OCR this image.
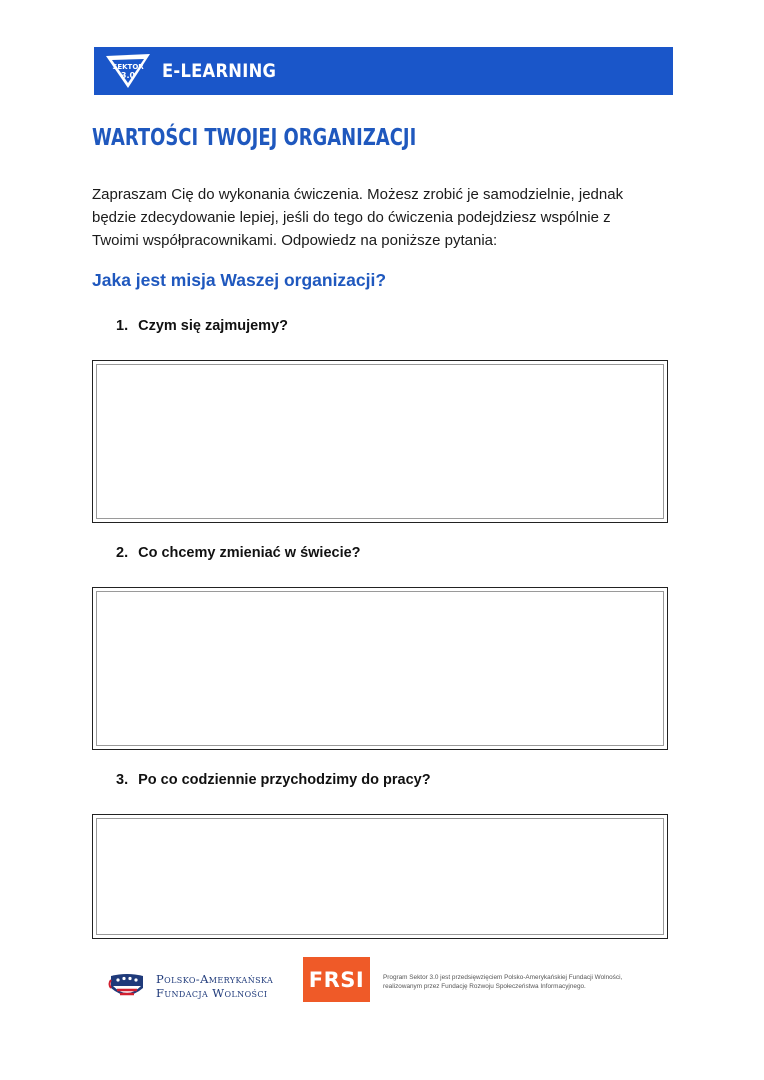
SEKTOR
3.0 E-LEARNING
WARTOŚCI TWOJEJ ORGANIZACJI

Zapraszam Cię do wykonania ćwiczenia. Możesz zrobić je samodzielnie, jednak będzie zdecydowanie lepiej, jeśli do tego do ćwiczenia podejdziesz wspólnie z Twoimi współpracownikami. Odpowiedz na poniższe pytania:

Jaka jest misja Waszej organizacji?
1. Czym się zajmujemy?
2. Co chcemy zmieniać w świecie?
3. Po co codziennie przychodzimy do pracy?
Polsko-Amerykańska
Fundacja Wolności
FRSI	Program Sektor 3.0 jest przedsięwzięciem Polsko-Amerykańskiej Fundacji Wolności, realizowanym przez Fundację Rozwoju Społeczeństwa Informacyjnego.
